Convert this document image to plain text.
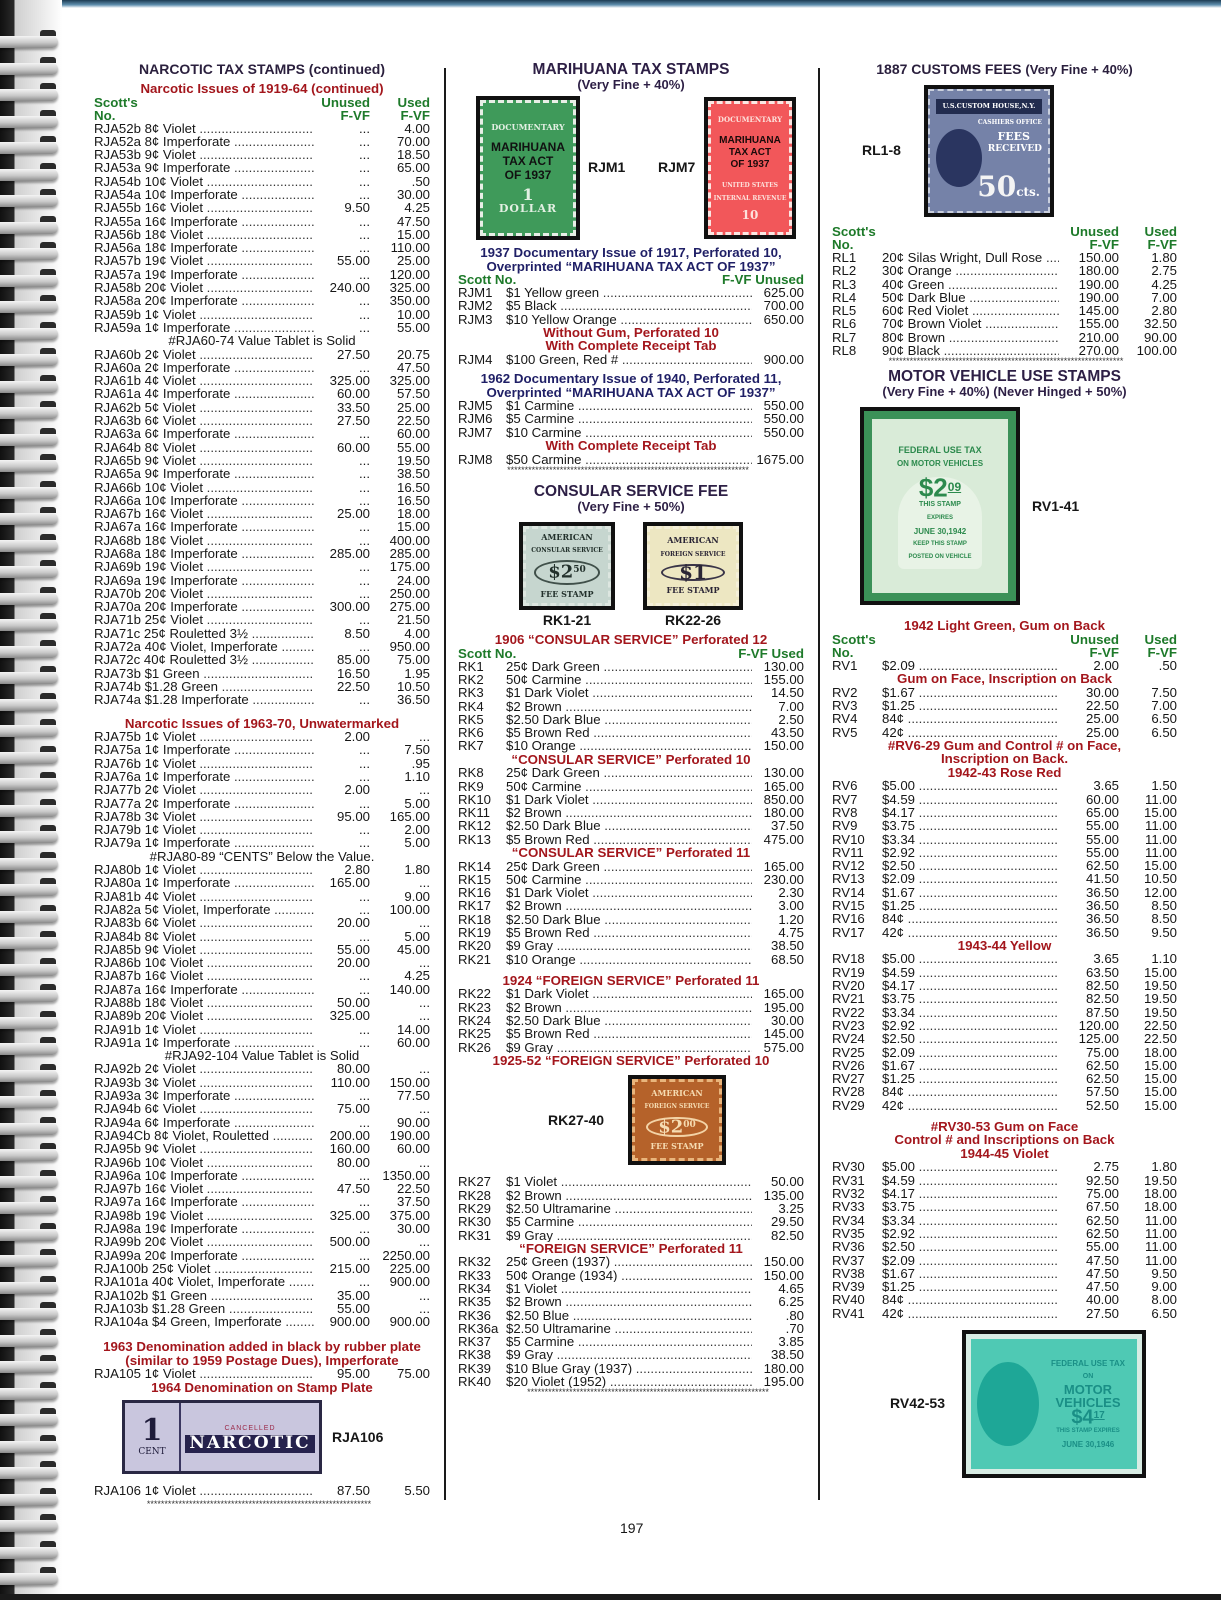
NARCOTIC TAX STAMPS (continued)
Narcotic Issues of 1919-64 (continued)
Scott's
No.
Unused
F-VF
Used
F-VF
RJA52b 8¢ Violet .....	...	4.00
RJA52a 8¢ Imperforate .....	...	70.00
RJA53b 9¢ Violet .....	...	18.50
RJA53a 9¢ Imperforate .....	...	65.00
RJA54b 10¢ Violet .....	...	.50
RJA54a 10¢ Imperforate .....	...	30.00
RJA55b 16¢ Violet .....	9.50	4.25
RJA55a 16¢ Imperforate .....	...	47.50
RJA56b 18¢ Violet .....	...	15.00
RJA56a 18¢ Imperforate .....	...	110.00
RJA57b 19¢ Violet .....	55.00	25.00
RJA57a 19¢ Imperforate .....	...	120.00
RJA58b 20¢ Violet .....	240.00	325.00
RJA58a 20¢ Imperforate .....	...	350.00
RJA59b 1¢ Violet .....	...	10.00
RJA59a 1¢ Imperforate .....	...	55.00
#RJA60-74 Value Tablet is Solid
RJA60b 2¢ Violet .....	27.50	20.75
RJA60a 2¢ Imperforate .....	...	47.50
RJA61b 4¢ Violet .....	325.00	325.00
RJA61a 4¢ Imperforate .....	60.00	57.50
RJA62b 5¢ Violet .....	33.50	25.00
RJA63b 6¢ Violet .....	27.50	22.50
RJA63a 6¢ Imperforate .....	...	60.00
RJA64b 8¢ Violet .....	60.00	55.00
RJA65b 9¢ Violet .....	...	19.50
RJA65a 9¢ Imperforate .....	...	38.50
RJA66b 10¢ Violet .....	...	16.50
RJA66a 10¢ Imperforate .....	...	16.50
RJA67b 16¢ Violet .....	25.00	18.00
RJA67a 16¢ Imperforate .....	...	15.00
RJA68b 18¢ Violet .....	...	400.00
RJA68a 18¢ Imperforate .....	285.00	285.00
RJA69b 19¢ Violet .....	...	175.00
RJA69a 19¢ Imperforate .....	...	24.00
RJA70b 20¢ Violet .....	...	250.00
RJA70a 20¢ Imperforate .....	300.00	275.00
RJA71b 25¢ Violet .....	...	21.50
RJA71c 25¢ Rouletted 3½ .....	8.50	4.00
RJA72a 40¢ Violet, Imperforate .....	...	950.00
RJA72c 40¢ Rouletted 3½ .....	85.00	75.00
RJA73b $1 Green .....	16.50	1.95
RJA74b $1.28 Green .....	22.50	10.50
RJA74a $1.28 Imperforate .....	...	36.50
Narcotic Issues of 1963-70, Unwatermarked
RJA75b 1¢ Violet .....	2.00	...
RJA75a 1¢ Imperforate .....	...	7.50
RJA76b 1¢ Violet .....	...	.95
RJA76a 1¢ Imperforate .....	...	1.10
RJA77b 2¢ Violet .....	2.00	...
RJA77a 2¢ Imperforate .....	...	5.00
RJA78b 3¢ Violet .....	95.00	165.00
RJA79b 1¢ Violet .....	...	2.00
RJA79a 1¢ Imperforate .....	...	5.00
#RJA80-89 “CENTS” Below the Value.
RJA80b 1¢ Violet .....	2.80	1.80
RJA80a 1¢ Imperforate .....	165.00	...
RJA81b 4¢ Violet .....	...	9.00
RJA82a 5¢ Violet, Imperforate .....	...	100.00
RJA83b 6¢ Violet .....	20.00	...
RJA84b 8¢ Violet .....	...	5.00
RJA85b 9¢ Violet .....	55.00	45.00
RJA86b 10¢ Violet .....	20.00	...
RJA87b 16¢ Violet .....	...	4.25
RJA87a 16¢ Imperforate .....	...	140.00
RJA88b 18¢ Violet .....	50.00	...
RJA89b 20¢ Violet .....	325.00	...
RJA91b 1¢ Violet .....	...	14.00
RJA91a 1¢ Imperforate .....	...	60.00
#RJA92-104 Value Tablet is Solid
RJA92b 2¢ Violet .....	80.00	...
RJA93b 3¢ Violet .....	110.00	150.00
RJA93a 3¢ Imperforate .....	...	77.50
RJA94b 6¢ Violet .....	75.00	...
RJA94a 6¢ Imperforate .....	...	90.00
RJA94Cb 8¢ Violet, Rouletted .....	200.00	190.00
RJA95b 9¢ Violet .....	160.00	60.00
RJA96b 10¢ Violet .....	80.00	...
RJA96a 10¢ Imperforate .....	... 1350.00
RJA97b 16¢ Violet .....	47.50	22.50
RJA97a 16¢ Imperforate .....	...	37.50
RJA98b 19¢ Violet .....	325.00	375.00
RJA98a 19¢ Imperforate .....	...	30.00
RJA99b 20¢ Violet .....	500.00	...
RJA99a 20¢ Imperforate .....	... 2250.00
RJA100b 25¢ Violet .....	215.00	225.00
RJA101a 40¢ Violet, Imperforate .....	...	900.00
RJA102b $1 Green .....	35.00	...
RJA103b $1.28 Green .....	55.00	...
RJA104a $4 Green, Imperforate .....	900.00	900.00
1963 Denomination added in black by rubber plate
(similar to 1959 Postage Dues), Imperforate
RJA105 1¢ Violet .....	95.00	75.00
1964 Denomination on Stamp Plate
1
CENT
CANCELLED
NARCOTIC	RJA106
RJA106 1¢ Violet .....	87.50	5.50
****************************************************************
MARIHUANA TAX STAMPS
(Very Fine + 40%)
DOCUMENTARY
MARIHUANA
TAX ACT
OF 1937
1
DOLLAR
RJM1	RJM7
DOCUMENTARY
MARIHUANA
TAX ACT
OF 1937
UNITED STATES INTERNAL REVENUE
10
1937 Documentary Issue of 1917, Perforated 10,
Overprinted “MARIHUANA TAX ACT OF 1937”
Scott No.	F-VF Unused
RJM1	$1 Yellow green .....	625.00
RJM2	$5 Black .....	700.00
RJM3	$10 Yellow Orange .....	650.00
Without Gum, Perforated 10
With Complete Receipt Tab
RJM4	$100 Green, Red # .....	900.00
1962 Documentary Issue of 1940, Perforated 11,
Overprinted “MARIHUANA TAX ACT OF 1937”
RJM5	$1 Carmine .....	550.00
RJM6	$5 Carmine .....	550.00
RJM7	$10 Carmine .....	550.00
With Complete Receipt Tab
RJM8	$50 Carmine .....	1675.00
*********************************************************************
CONSULAR SERVICE FEE
(Very Fine + 50%)
AMERICAN
CONSULAR SERVICE
$\$2^{50}$
FEE STAMP
RK1-21
AMERICAN
FOREIGN SERVICE
$1
FEE STAMP
RK22-26
1906 “CONSULAR SERVICE” Perforated 12
Scott No.	F-VF Used
RK1	25¢ Dark Green .....	130.00
RK2	50¢ Carmine .....	155.00
RK3	$1 Dark Violet .....	14.50
RK4	$2 Brown .....	7.00
RK5	$2.50 Dark Blue .....	2.50
RK6	$5 Brown Red .....	43.50
RK7	$10 Orange .....	150.00
“CONSULAR SERVICE” Perforated 10
RK8	25¢ Dark Green .....	130.00
RK9	50¢ Carmine .....	165.00
RK10	$1 Dark Violet .....	850.00
RK11	$2 Brown .....	180.00
RK12	$2.50 Dark Blue .....	37.50
RK13	$5 Brown Red .....	475.00
“CONSULAR SERVICE” Perforated 11
RK14	25¢ Dark Green .....	165.00
RK15	50¢ Carmine .....	230.00
RK16	$1 Dark Violet .....	2.30
RK17	$2 Brown .....	3.00
RK18	$2.50 Dark Blue .....	1.20
RK19	$5 Brown Red .....	4.75
RK20	$9 Gray .....	38.50
RK21	$10 Orange .....	68.50
1924 “FOREIGN SERVICE” Perforated 11
RK22	$1 Dark Violet .....	165.00
RK23	$2 Brown .....	195.00
RK24	$2.50 Dark Blue .....	30.00
RK25	$5 Brown Red .....	145.00
RK26	$9 Gray .....	575.00
1925-52 “FOREIGN SERVICE” Perforated 10
RK27-40
AMERICAN
FOREIGN SERVICE
$\$2^{00}$
FEE STAMP
RK27	$1 Violet .....	50.00
RK28	$2 Brown .....	135.00
RK29	$2.50 Ultramarine .....	3.25
RK30	$5 Carmine .....	29.50
RK31	$9 Gray .....	82.50
“FOREIGN SERVICE” Perforated 11
RK32	25¢ Green (1937) .....	150.00
RK33	50¢ Orange (1934) .....	150.00
RK34	$1 Violet .....	4.65
RK35	$2 Brown .....	6.25
RK36	$2.50 Blue .....	.80
RK36a $2.50 Ultramarine .....	.70
RK37	$5 Carmine .....	3.85
RK38	$9 Gray .....	38.50
RK39	$10 Blue Gray (1937) .....	180.00
RK40	$20 Violet (1952) .....	195.00
*********************************************************************
1887 CUSTOMS FEES (Very Fine + 40%)
RL1-8
U.S.CUSTOM HOUSE,N.Y.
CASHIERS OFFICE
FEES
RECEIVED
50cts.
Scott's
No.
Unused
F-VF
Used
F-VF
RL1	20¢ Silas Wright, Dull Rose .....	150.00	1.80
RL2	30¢ Orange .....	180.00	2.75
RL3	40¢ Green .....	190.00	4.25
RL4	50¢ Dark Blue .....	190.00	7.00
RL5	60¢ Red Violet .....	145.00	2.80
RL6	70¢ Brown Violet .....	155.00	32.50
RL7	80¢ Brown .....	210.00	90.00
RL8	90¢ Black .....	270.00	100.00
*******************************************************************
MOTOR VEHICLE USE STAMPS
(Very Fine + 40%) (Never Hinged + 50%)
FEDERAL USE TAX
ON MOTOR VEHICLES
$\$2^{09}$
THIS STAMP
EXPIRES
JUNE 30,1942
KEEP THIS STAMP
POSTED ON VEHICLE
RV1-41
1942 Light Green, Gum on Back
Scott's
No.
Unused
F-VF
Used
F-VF
RV1	$2.09 .....	2.00	.50
Gum on Face, Inscription on Back
RV2	$1.67 .....	30.00	7.50
RV3	$1.25 .....	22.50	7.00
RV4	84¢ .....	25.00	6.50
RV5	42¢ .....	25.00	6.50
#RV6-29 Gum and Control # on Face,
Inscription on Back.
1942-43 Rose Red
RV6	$5.00 .....	3.65	1.50
RV7	$4.59 .....	60.00	11.00
RV8	$4.17 .....	65.00	15.00
RV9	$3.75 .....	55.00	11.00
RV10	$3.34 .....	55.00	11.00
RV11	$2.92 .....	55.00	11.00
RV12	$2.50 .....	62.50	15.00
RV13	$2.09 .....	41.50	10.50
RV14	$1.67 .....	36.50	12.00
RV15	$1.25 .....	36.50	8.50
RV16	84¢ .....	36.50	8.50
RV17	42¢ .....	36.50	9.50
1943-44 Yellow
RV18	$5.00 .....	3.65	1.10
RV19	$4.59 .....	63.50	15.00
RV20	$4.17 .....	82.50	19.50
RV21	$3.75 .....	82.50	19.50
RV22	$3.34 .....	87.50	19.50
RV23	$2.92 .....	120.00	22.50
RV24	$2.50 .....	125.00	22.50
RV25	$2.09 .....	75.00	18.00
RV26	$1.67 .....	62.50	15.00
RV27	$1.25 .....	62.50	15.00
RV28	84¢ .....	57.50	15.00
RV29	42¢ .....	52.50	15.00
#RV30-53 Gum on Face
Control # and Inscriptions on Back
1944-45 Violet
RV30	$5.00 .....	2.75	1.80
RV31	$4.59 .....	92.50	19.50
RV32	$4.17 .....	75.00	18.00
RV33	$3.75 .....	67.50	18.00
RV34	$3.34 .....	62.50	11.00
RV35	$2.92 .....	62.50	11.00
RV36	$2.50 .....	55.00	11.00
RV37	$2.09 .....	47.50	11.00
RV38	$1.67 .....	47.50	9.50
RV39	$1.25 .....	47.50	9.00
RV40	84¢ .....	40.00	8.00
RV41	42¢ .....	27.50	6.50
RV42-53
FEDERAL USE TAX
ON
MOTOR
VEHICLES
$\$4^{17}$
THIS STAMP EXPIRES
JUNE 30,1946
197
